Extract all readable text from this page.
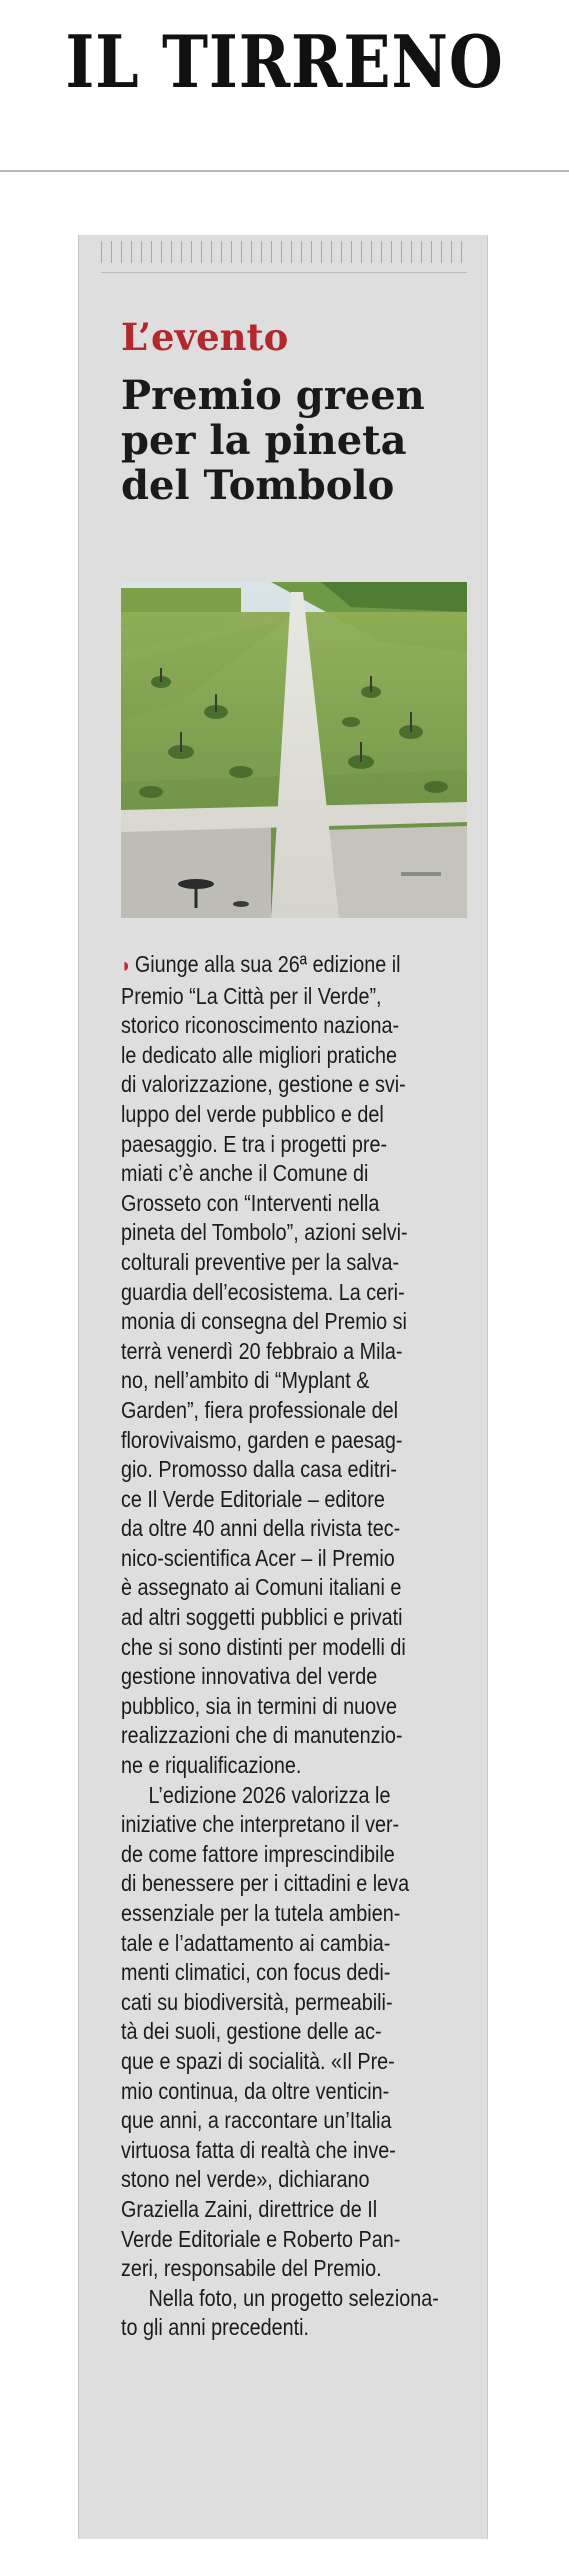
IL TIRRENO
L’evento
Premio green
per la pineta
del Tombolo
◗ Giunge alla sua 26ª edizione il
Premio “La Città per il Verde”,
storico riconoscimento naziona-
le dedicato alle migliori pratiche
di valorizzazione, gestione e svi-
luppo del verde pubblico e del
paesaggio. E tra i progetti pre-
miati c’è anche il Comune di
Grosseto con “Interventi nella
pineta del Tombolo”, azioni selvi-
colturali preventive per la salva-
guardia dell’ecosistema. La ceri-
monia di consegna del Premio si
terrà venerdì 20 febbraio a Mila-
no, nell’ambito di “Myplant &
Garden”, fiera professionale del
florovivaismo, garden e paesag-
gio. Promosso dalla casa editri-
ce Il Verde Editoriale – editore
da oltre 40 anni della rivista tec-
nico-scientifica Acer – il Premio
è assegnato ai Comuni italiani e
ad altri soggetti pubblici e privati
che si sono distinti per modelli di
gestione innovativa del verde
pubblico, sia in termini di nuove
realizzazioni che di manutenzio-
ne e riqualificazione.
L’edizione 2026 valorizza le
iniziative che interpretano il ver-
de come fattore imprescindibile
di benessere per i cittadini e leva
essenziale per la tutela ambien-
tale e l’adattamento ai cambia-
menti climatici, con focus dedi-
cati su biodiversità, permeabili-
tà dei suoli, gestione delle ac-
que e spazi di socialità. «Il Pre-
mio continua, da oltre venticin-
que anni, a raccontare un’Italia
virtuosa fatta di realtà che inve-
stono nel verde», dichiarano
Graziella Zaini, direttrice de Il
Verde Editoriale e Roberto Pan-
zeri, responsabile del Premio.
Nella foto, un progetto seleziona-
to gli anni precedenti.
